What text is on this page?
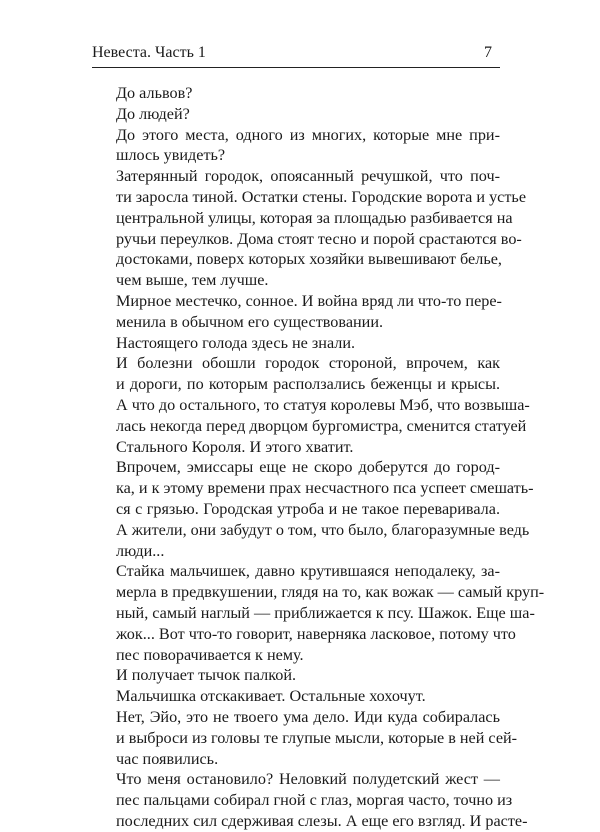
Невеста. Часть 1	7
До альвов?
До людей?
До этого места, одного из многих, которые мне при-
шлось увидеть?
Затерянный городок, опоясанный речушкой, что поч-
ти заросла тиной. Остатки стены. Городские ворота и устье
центральной улицы, которая за площадью разбивается на
ручьи переулков. Дома стоят тесно и порой срастаются во-
достоками, поверх которых хозяйки вывешивают белье,
чем выше, тем лучше.
Мирное местечко, сонное. И война вряд ли что-то пере-
менила в обычном его существовании.
Настоящего голода здесь не знали.
И болезни обошли городок стороной, впрочем, как
и дороги, по которым расползались беженцы и крысы.
А что до остального, то статуя королевы Мэб, что возвыша-
лась некогда перед дворцом бургомистра, сменится статуей
Стального Короля. И этого хватит.
Впрочем, эмиссары еще не скоро доберутся до город-
ка, и к этому времени прах несчастного пса успеет смешать-
ся с грязью. Городская утроба и не такое переваривала.
А жители, они забудут о том, что было, благоразумные ведь
люди...
Стайка мальчишек, давно крутившаяся неподалеку, за-
мерла в предвкушении, глядя на то, как вожак — самый круп-
ный, самый наглый — приближается к псу. Шажок. Еще ша-
жок... Вот что-то говорит, наверняка ласковое, потому что
пес поворачивается к нему.
И получает тычок палкой.
Мальчишка отскакивает. Остальные хохочут.
Нет, Эйо, это не твоего ума дело. Иди куда собиралась
и выброси из головы те глупые мысли, которые в ней сей-
час появились.
Что меня остановило? Неловкий полудетский жест —
пес пальцами собирал гной с глаз, моргая часто, точно из
последних сил сдерживая слезы. А еще его взгляд. И расте-
